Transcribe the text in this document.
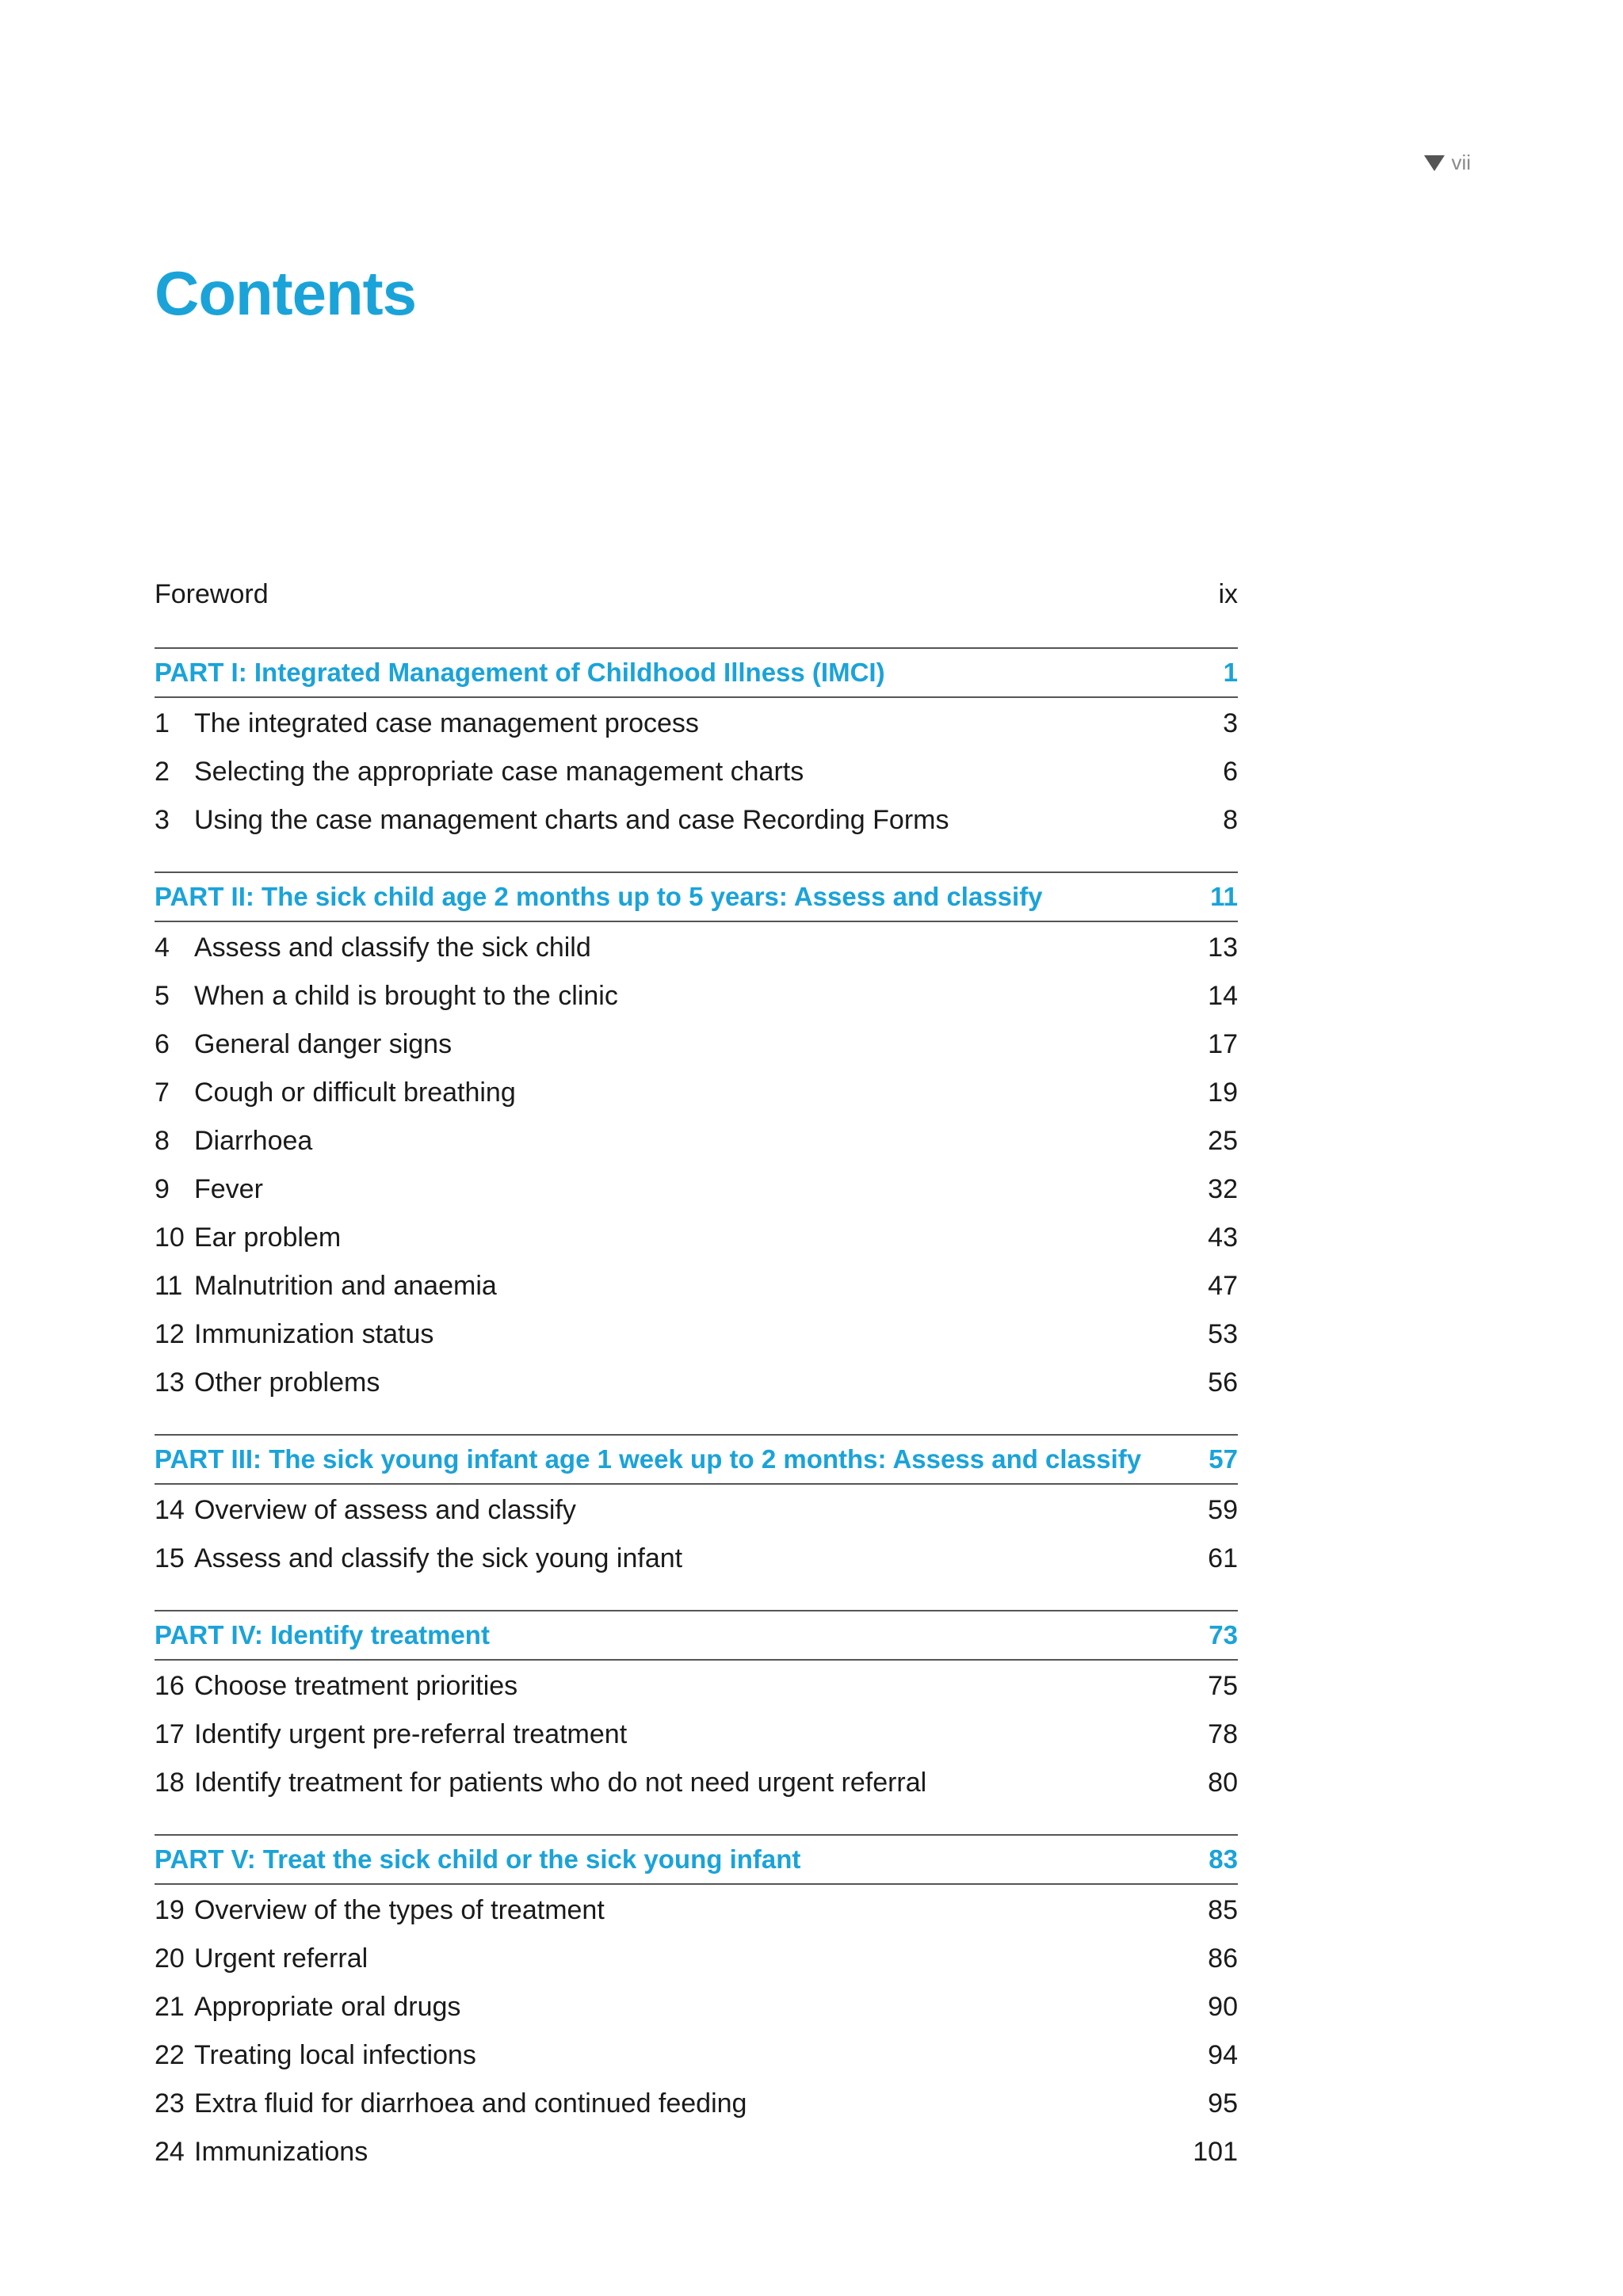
vii
Contents
Foreword	ix
PART I: Integrated Management of Childhood Illness (IMCI)	1
1 The integrated case management process	3
2 Selecting the appropriate case management charts	6
3 Using the case management charts and case Recording Forms	8
PART II: The sick child age 2 months up to 5 years: Assess and classify	11
4 Assess and classify the sick child	13
5 When a child is brought to the clinic	14
6 General danger signs	17
7 Cough or difficult breathing	19
8 Diarrhoea	25
9 Fever	32
10 Ear problem	43
11 Malnutrition and anaemia	47
12 Immunization status	53
13 Other problems	56
PART III: The sick young infant age 1 week up to 2 months: Assess and classify	57
14 Overview of assess and classify	59
15 Assess and classify the sick young infant	61
PART IV: Identify treatment	73
16 Choose treatment priorities	75
17 Identify urgent pre-referral treatment	78
18 Identify treatment for patients who do not need urgent referral	80
PART V: Treat the sick child or the sick young infant	83
19 Overview of the types of treatment	85
20 Urgent referral	86
21 Appropriate oral drugs	90
22 Treating local infections	94
23 Extra fluid for diarrhoea and continued feeding	95
24 Immunizations	101
